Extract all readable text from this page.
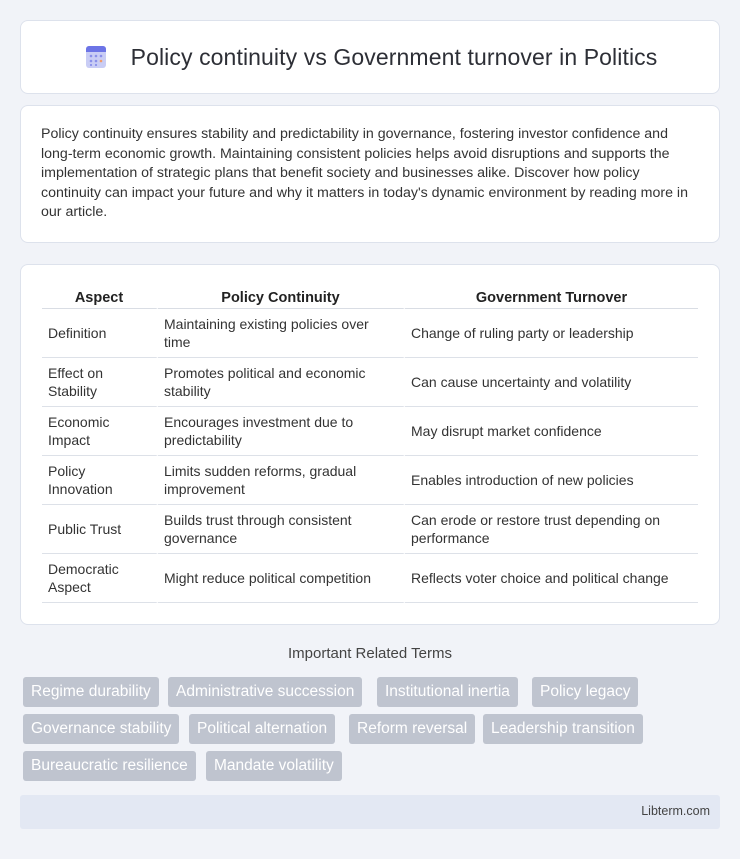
Policy continuity vs Government turnover in Politics

Policy continuity ensures stability and predictability in governance, fostering investor confidence and long-term economic growth. Maintaining consistent policies helps avoid disruptions and supports the implementation of strategic plans that benefit society and businesses alike. Discover how policy continuity can impact your future and why it matters in today's dynamic environment by reading more in our article.

Aspect	Policy Continuity	Government Turnover
Definition	Maintaining existing policies over time	Change of ruling party or leadership
Effect on Stability	Promotes political and economic stability	Can cause uncertainty and volatility
Economic Impact	Encourages investment due to predictability	May disrupt market confidence
Policy Innovation	Limits sudden reforms, gradual improvement	Enables introduction of new policies
Public Trust	Builds trust through consistent governance	Can erode or restore trust depending on performance
Democratic Aspect	Might reduce political competition	Reflects voter choice and political change
Important Related Terms
Regime durability	Administrative succession	Institutional inertia	Policy legacy
Governance stability	Political alternation	Reform reversal	Leadership transition
Bureaucratic resilience	Mandate volatility
Libterm.com
